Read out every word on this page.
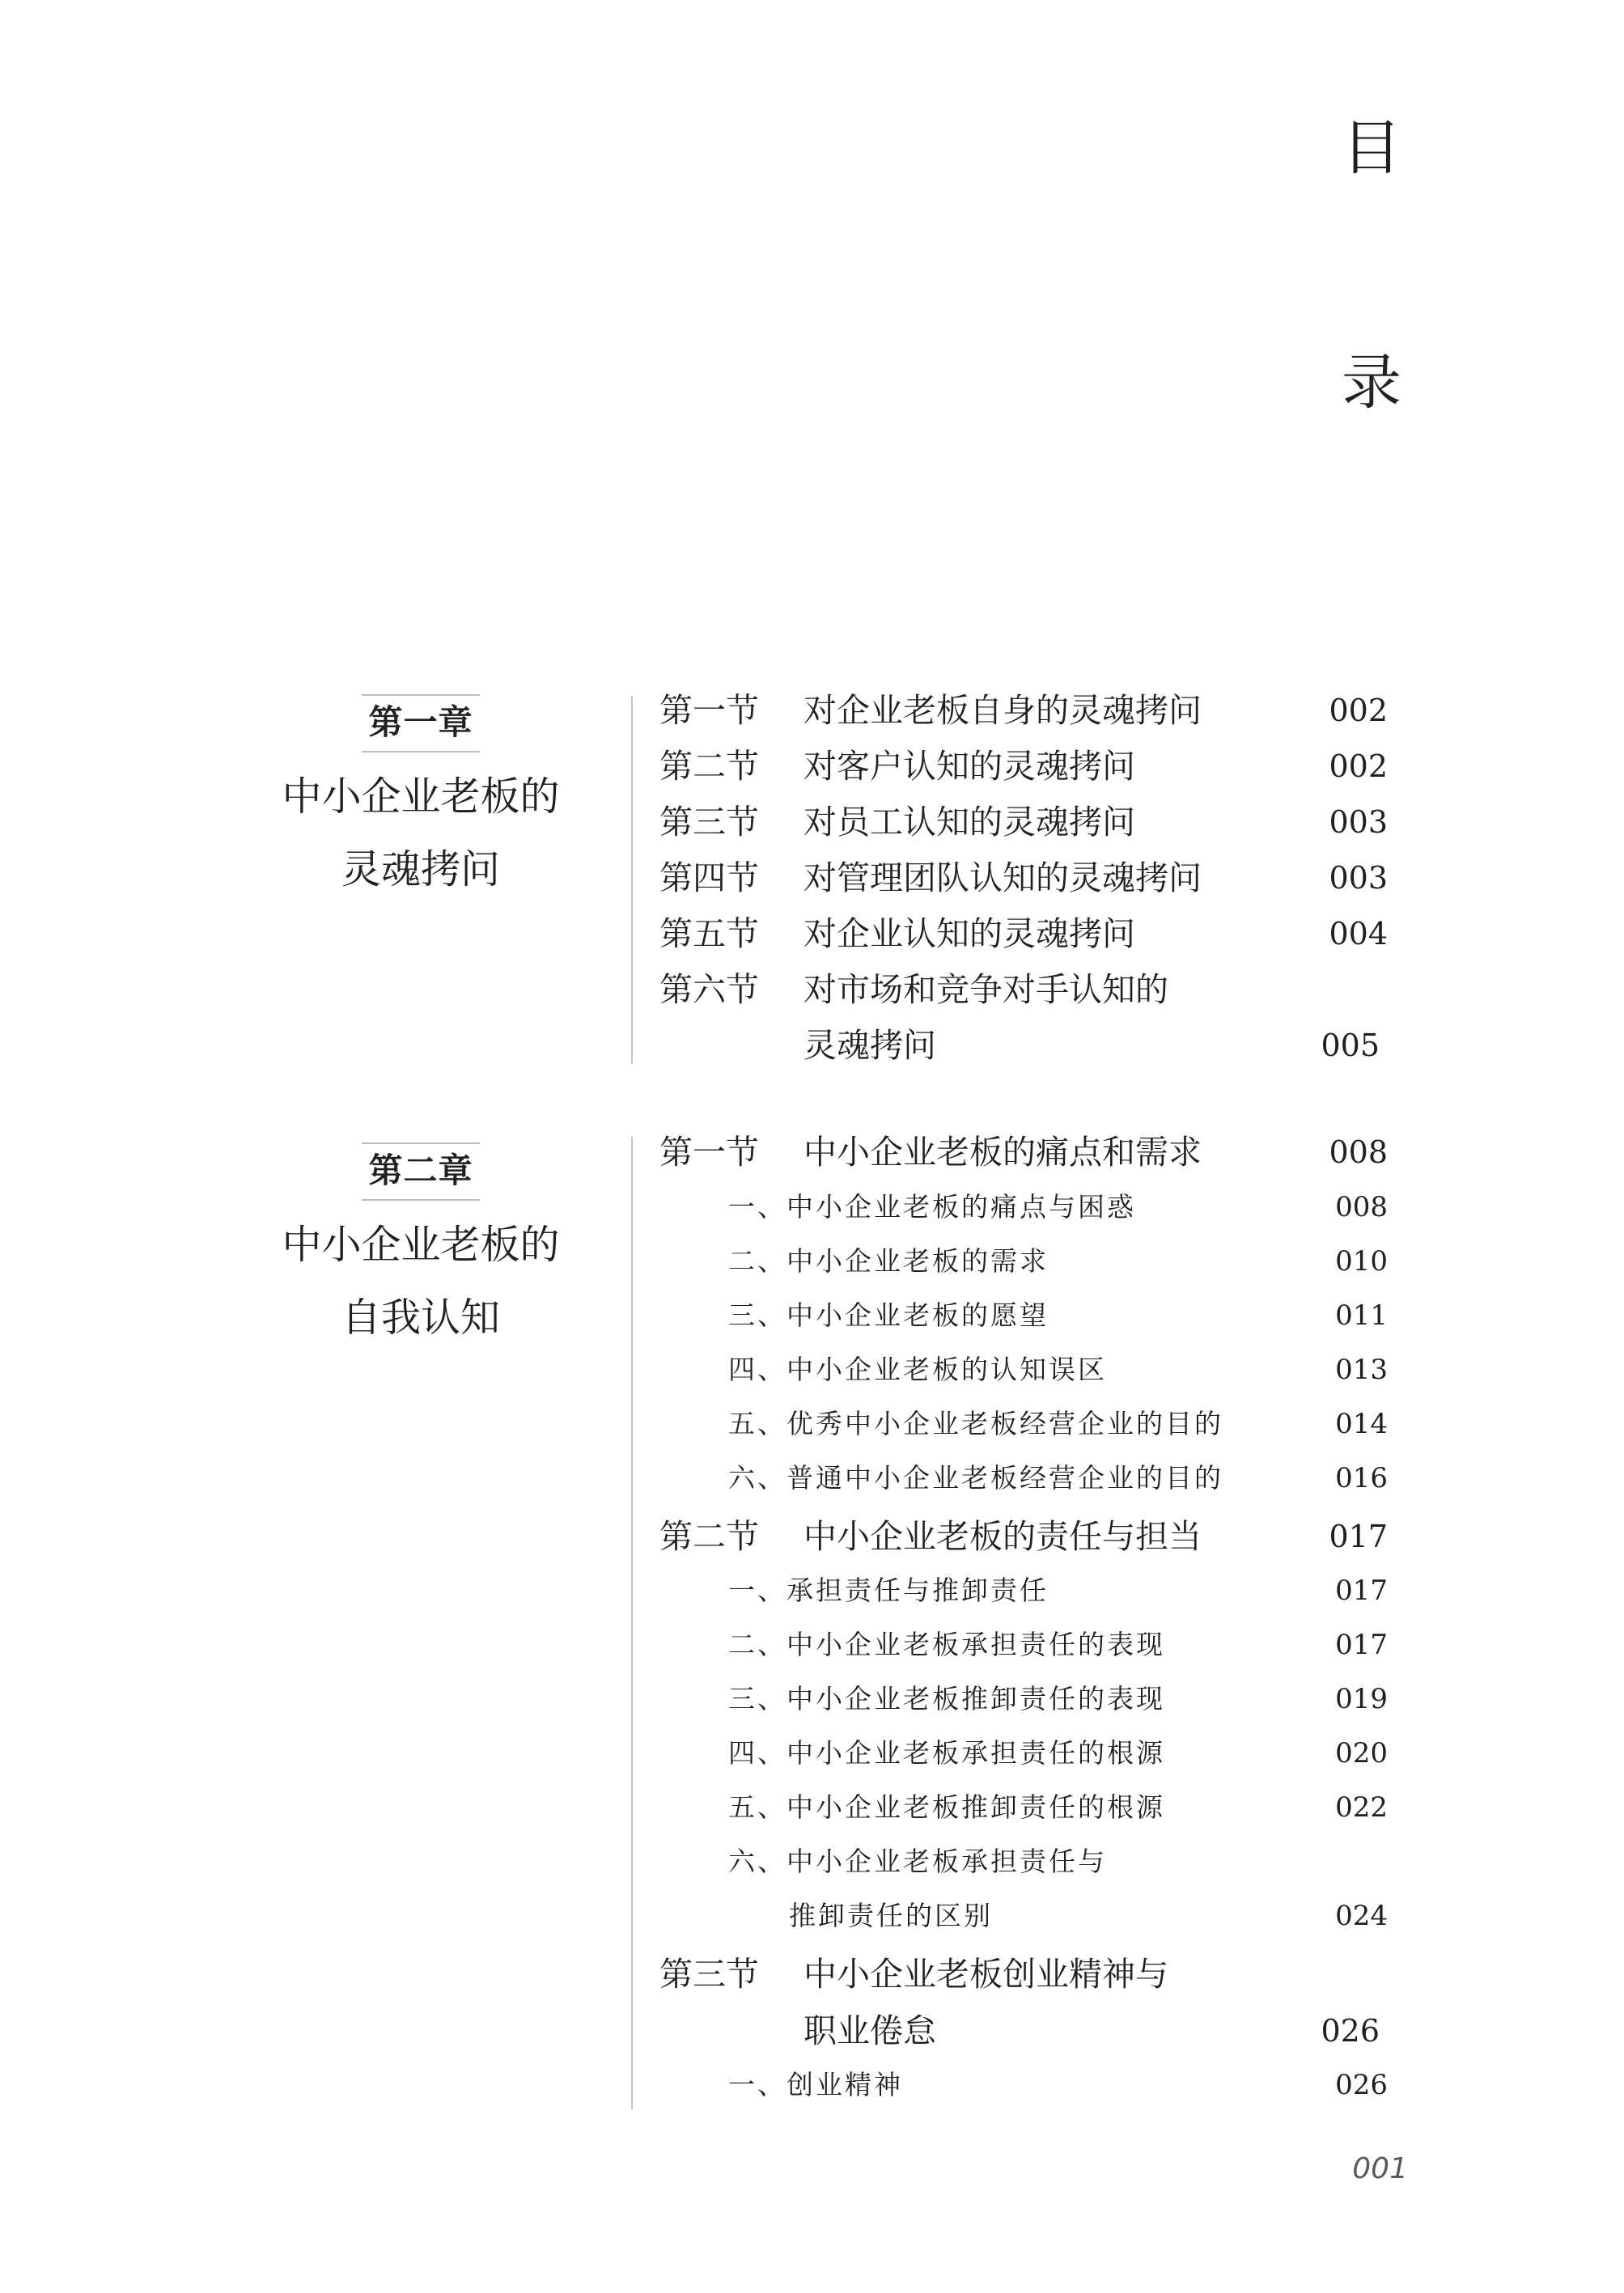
目
录
第一章
中小企业老板的
灵魂拷问
第一节 对企业老板自身的灵魂拷问	002
第二节 对客户认知的灵魂拷问	002
第三节 对员工认知的灵魂拷问	003
第四节 对管理团队认知的灵魂拷问	003
第五节 对企业认知的灵魂拷问	004
第六节 对市场和竞争对手认知的
灵魂拷问	005
第二章
中小企业老板的
自我认知
第一节 中小企业老板的痛点和需求	008
一、中小企业老板的痛点与困惑	008
二、中小企业老板的需求	010
三、中小企业老板的愿望	011
四、中小企业老板的认知误区	013
五、优秀中小企业老板经营企业的目的	014
六、普通中小企业老板经营企业的目的	016
第二节 中小企业老板的责任与担当	017
一、承担责任与推卸责任	017
二、中小企业老板承担责任的表现	017
三、中小企业老板推卸责任的表现	019
四、中小企业老板承担责任的根源	020
五、中小企业老板推卸责任的根源	022
六、中小企业老板承担责任与
推卸责任的区别	024
第三节 中小企业老板创业精神与
职业倦怠	026
一、创业精神	026
001
